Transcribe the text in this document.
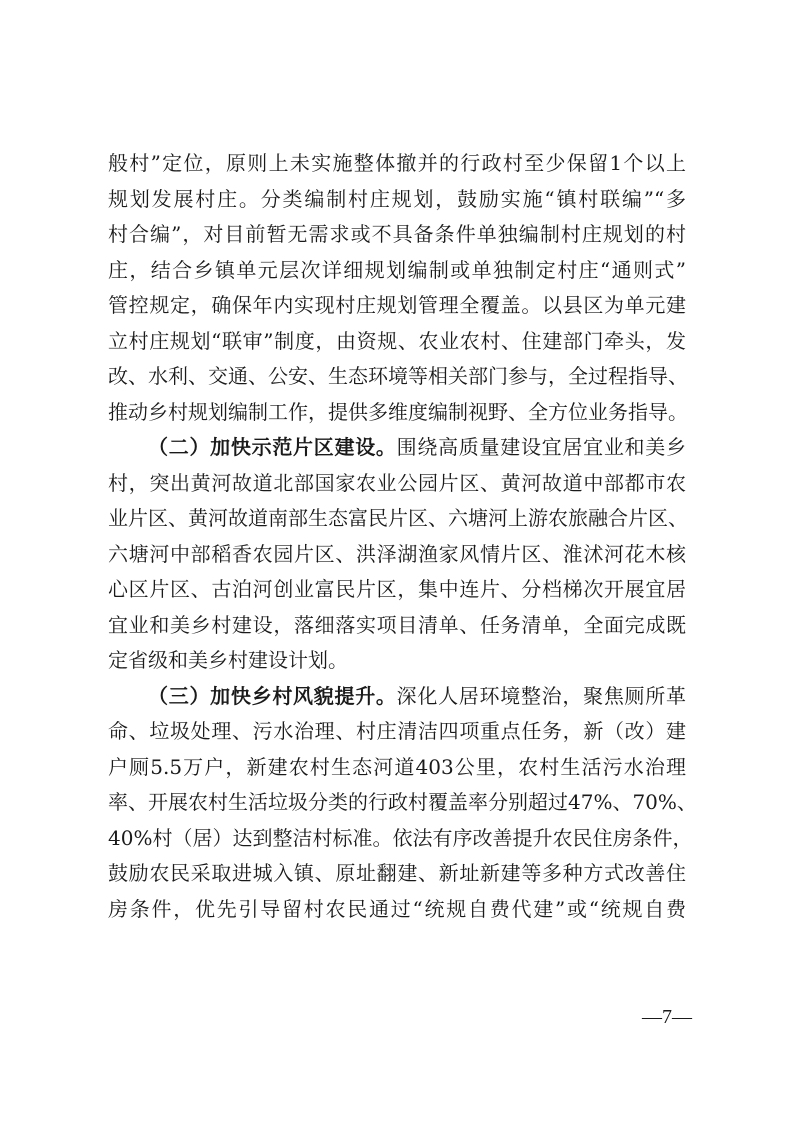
般村”定位，原则上未实施整体撤并的行政村至少保留1个以上
规划发展村庄。分类编制村庄规划，鼓励实施“镇村联编”“多
村合编”，对目前暂无需求或不具备条件单独编制村庄规划的村
庄，结合乡镇单元层次详细规划编制或单独制定村庄“通则式”
管控规定，确保年内实现村庄规划管理全覆盖。以县区为单元建
立村庄规划“联审”制度，由资规、农业农村、住建部门牵头，发
改、水利、交通、公安、生态环境等相关部门参与，全过程指导、
推动乡村规划编制工作，提供多维度编制视野、全方位业务指导。
（二）加快示范片区建设。围绕高质量建设宜居宜业和美乡
村，突出黄河故道北部国家农业公园片区、黄河故道中部都市农
业片区、黄河故道南部生态富民片区、六塘河上游农旅融合片区、
六塘河中部稻香农园片区、洪泽湖渔家风情片区、淮沭河花木核
心区片区、古泊河创业富民片区，集中连片、分档梯次开展宜居
宜业和美乡村建设，落细落实项目清单、任务清单，全面完成既
定省级和美乡村建设计划。
（三）加快乡村风貌提升。深化人居环境整治，聚焦厕所革
命、垃圾处理、污水治理、村庄清洁四项重点任务，新（改）建
户厕5.5万户，新建农村生态河道403公里，农村生活污水治理
率、开展农村生活垃圾分类的行政村覆盖率分别超过47%、70%、
40%村（居）达到整洁村标准。依法有序改善提升农民住房条件，
鼓励农民采取进城入镇、原址翻建、新址新建等多种方式改善住
房条件，优先引导留村农民通过“统规自费代建”或“统规自费
—7—
